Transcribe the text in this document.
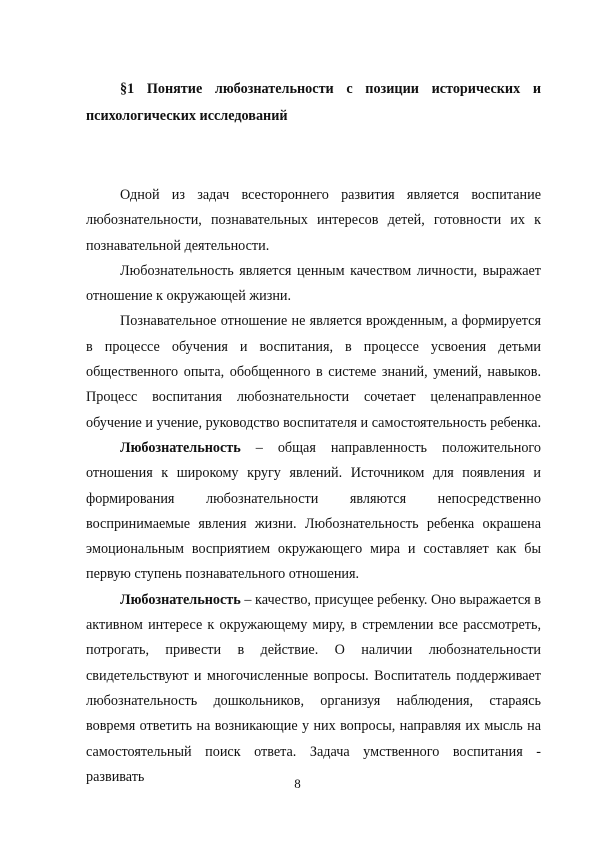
§1 Понятие любознательности с позиции исторических и психологических исследований

Одной из задач всестороннего развития является воспитание любознательности, познавательных интересов детей, готовности их к познавательной деятельности.

Любознательность является ценным качеством личности, выражает отношение к окружающей жизни.

Познавательное отношение не является врожденным, а формируется в процессе обучения и воспитания, в процессе усвоения детьми общественного опыта, обобщенного в системе знаний, умений, навыков. Процесс воспитания любознательности сочетает целенаправленное обучение и учение, руководство воспитателя и самостоятельность ребенка.

Любознательность – общая направленность положительного отношения к широкому кругу явлений. Источником для появления и формирования любознательности являются непосредственно воспринимаемые явления жизни. Любознательность ребенка окрашена эмоциональным восприятием окружающего мира и составляет как бы первую ступень познавательного отношения.

Любознательность – качество, присущее ребенку. Оно выражается в активном интересе к окружающему миру, в стремлении все рассмотреть, потрогать, привести в действие. О наличии любознательности свидетельствуют и многочисленные вопросы. Воспитатель поддерживает любознательность дошкольников, организуя наблюдения, стараясь вовремя ответить на возникающие у них вопросы, направляя их мысль на самостоятельный поиск ответа. Задача умственного воспитания - развивать	8
